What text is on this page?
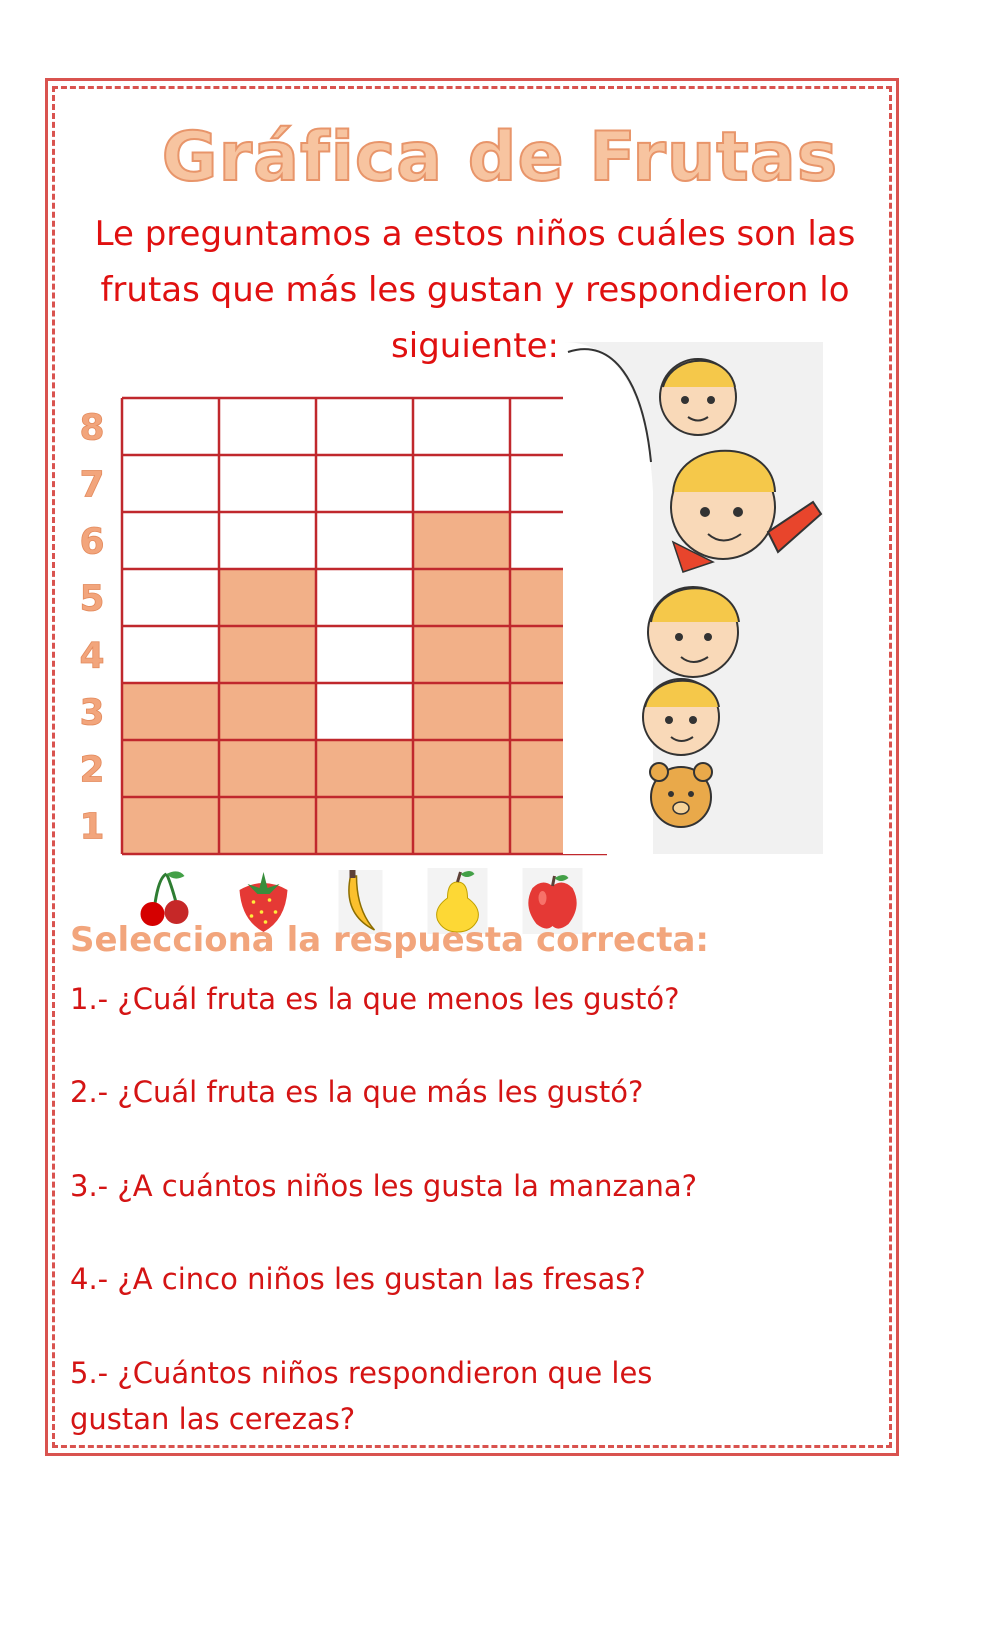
Gráfica de Frutas

Le preguntamos a estos niños cuáles son las frutas que más les gustan y respondieron lo siguiente:

1
2
3
4
5
6
7
8
Selecciona la respuesta correcta:

1.- ¿Cuál fruta es la que menos les gustó?

2.- ¿Cuál fruta es la que más les gustó?

3.- ¿A cuántos niños les gusta la manzana?

4.- ¿A cinco niños les gustan las fresas?

5.- ¿Cuántos niños respondieron que les gustan las cerezas?
